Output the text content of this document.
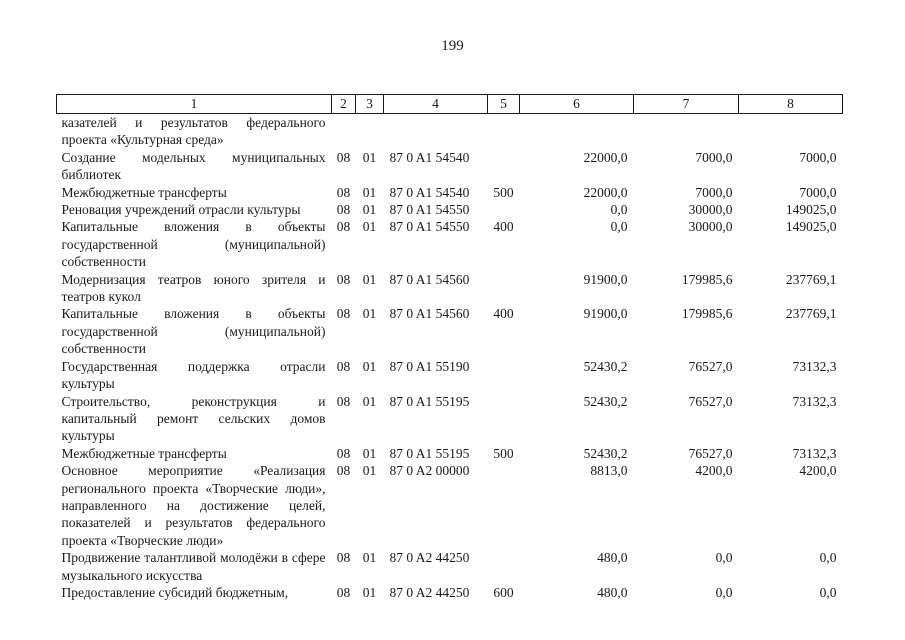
199
1	2	3	4	5	6	7	8
казателей и результатов федерального проекта «Культурная среда»							
Создание модельных муниципальных библиотек	08	01	87 0 A1 54540		22000,0	7000,0	7000,0
Межбюджетные трансферты	08	01	87 0 A1 54540	500	22000,0	7000,0	7000,0
Реновация учреждений отрасли культуры	08	01	87 0 A1 54550		0,0	30000,0	149025,0
Капитальные вложения в объекты государственной (муниципальной) собственности	08	01	87 0 A1 54550	400	0,0	30000,0	149025,0
Модернизация театров юного зрителя и театров кукол	08	01	87 0 A1 54560		91900,0	179985,6	237769,1
Капитальные вложения в объекты государственной (муниципальной) собственности	08	01	87 0 A1 54560	400	91900,0	179985,6	237769,1
Государственная поддержка отрасли культуры	08	01	87 0 A1 55190		52430,2	76527,0	73132,3
Строительство, реконструкция и капитальный ремонт сельских домов культуры	08	01	87 0 A1 55195		52430,2	76527,0	73132,3
Межбюджетные трансферты	08	01	87 0 A1 55195	500	52430,2	76527,0	73132,3
Основное мероприятие «Реализация регионального проекта «Творческие люди», направленного на достижение целей, показателей и результатов федерального проекта «Творческие люди»	08	01	87 0 A2 00000		8813,0	4200,0	4200,0
Продвижение талантливой молодёжи в сфере музыкального искусства	08	01	87 0 A2 44250		480,0	0,0	0,0
Предоставление субсидий бюджетным,	08	01	87 0 A2 44250	600	480,0	0,0	0,0
